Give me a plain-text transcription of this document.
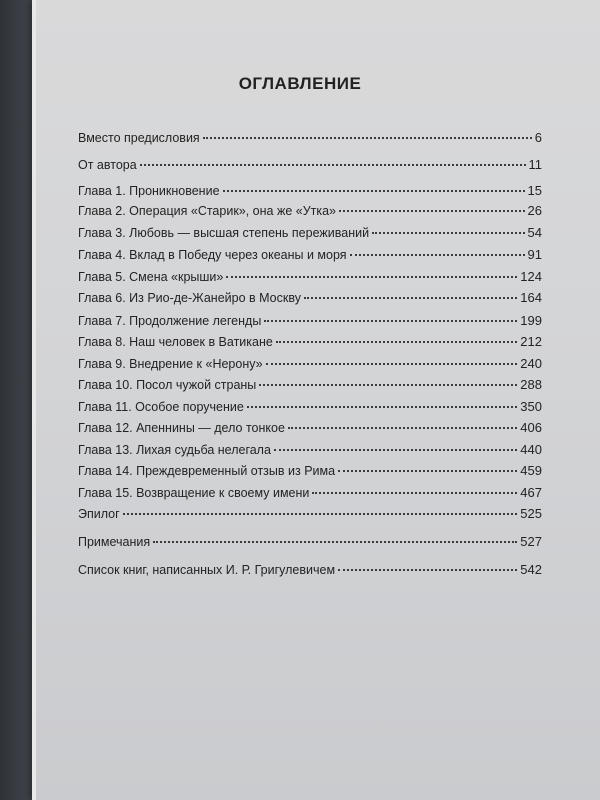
ОГЛАВЛЕНИЕ
Вместо предисловия	6
От автора	11
Глава 1. Проникновение	15
Глава 2. Операция «Старик», она же «Утка»	26
Глава 3. Любовь — высшая степень переживаний	54
Глава 4. Вклад в Победу через океаны и моря	91
Глава 5. Смена «крыши»	124
Глава 6. Из Рио-де-Жанейро в Москву	164
Глава 7. Продолжение легенды	199
Глава 8. Наш человек в Ватикане	212
Глава 9. Внедрение к «Нерону»	240
Глава 10. Посол чужой страны	288
Глава 11. Особое поручение	350
Глава 12. Апеннины — дело тонкое	406
Глава 13. Лихая судьба нелегала	440
Глава 14. Преждевременный отзыв из Рима	459
Глава 15. Возвращение к своему имени	467
Эпилог	525
Примечания	527
Список книг, написанных И. Р. Григулевичем	542
